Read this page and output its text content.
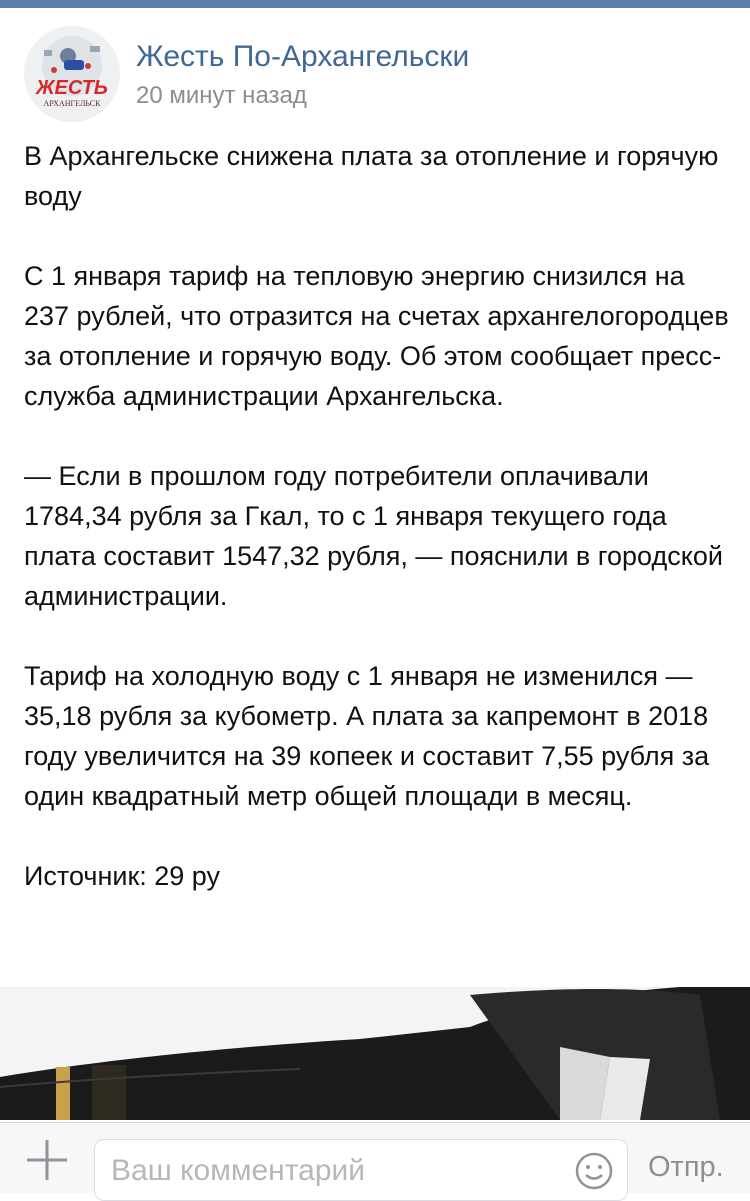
ЖЕСТЬ
АРХАНГЕЛЬСК
Жесть По-Архангельски
20 минут назад

В Архангельске снижена плата за отопление и горячую воду

С 1 января тариф на тепловую энергию снизился на 237 рублей, что отразится на счетах архангелогородцев за отопление и горячую воду. Об этом сообщает пресс-служба администрации Архангельска.

— Если в прошлом году потребители оплачивали 1784,34 рубля за Гкал, то с 1 января текущего года плата составит 1547,32 рубля, — пояснили в городской администрации.

Тариф на холодную воду с 1 января не изменился — 35,18 рубля за кубометр. А плата за капремонт в 2018 году увеличится на 39 копеек и составит 7,55 рубля за один квадратный метр общей площади в месяц.

Источник: 29 ру

Ваш комментарий	Отпр.
